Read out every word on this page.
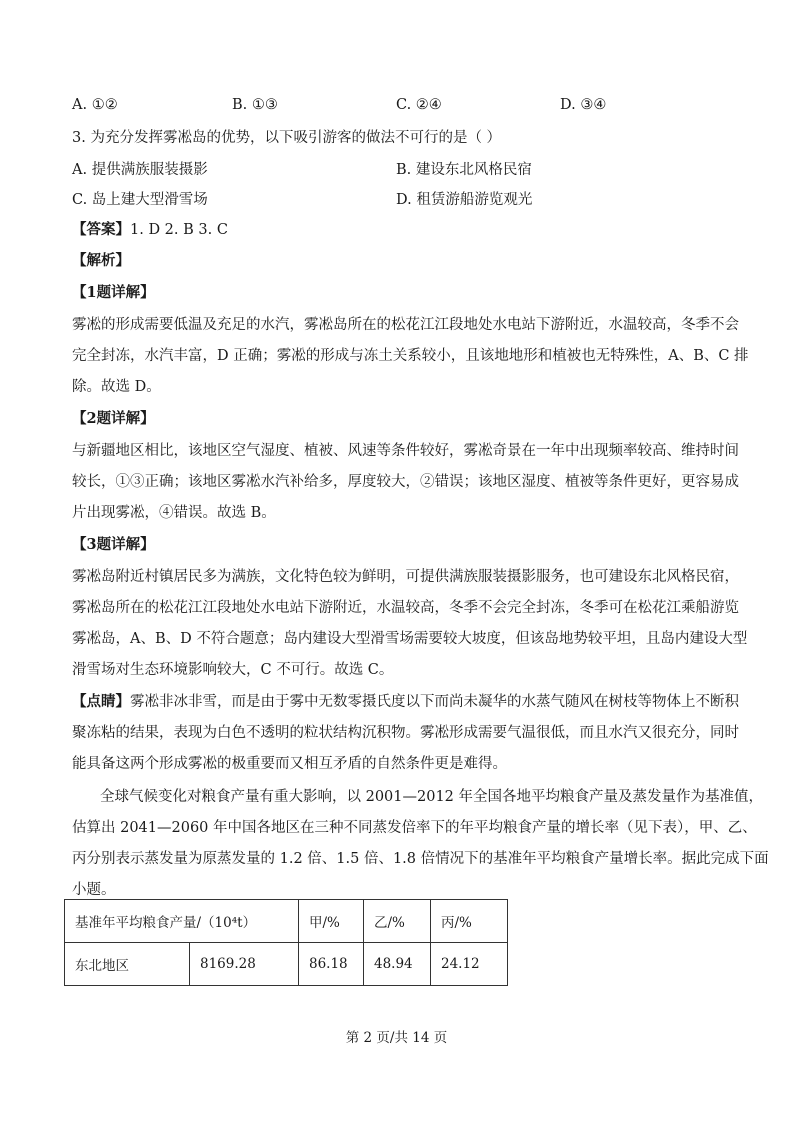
A. ①②	B. ①③	C. ②④	D. ③④
3. 为充分发挥雾凇岛的优势，以下吸引游客的做法不可行的是（ ）
A. 提供满族服装摄影	B. 建设东北风格民宿
C. 岛上建大型滑雪场	D. 租赁游船游览观光
【答案】1. D 2. B 3. C
【解析】
【1题详解】
雾凇的形成需要低温及充足的水汽，雾凇岛所在的松花江江段地处水电站下游附近，水温较高，冬季不会
完全封冻，水汽丰富，D 正确；雾凇的形成与冻土关系较小，且该地地形和植被也无特殊性，A、B、C 排
除。故选 D。
【2题详解】
与新疆地区相比，该地区空气湿度、植被、风速等条件较好，雾凇奇景在一年中出现频率较高、维持时间
较长，①③正确；该地区雾凇水汽补给多，厚度较大，②错误；该地区湿度、植被等条件更好，更容易成
片出现雾凇，④错误。故选 B。
【3题详解】
雾凇岛附近村镇居民多为满族，文化特色较为鲜明，可提供满族服装摄影服务，也可建设东北风格民宿，
雾凇岛所在的松花江江段地处水电站下游附近，水温较高，冬季不会完全封冻，冬季可在松花江乘船游览
雾凇岛，A、B、D 不符合题意；岛内建设大型滑雪场需要较大坡度，但该岛地势较平坦，且岛内建设大型
滑雪场对生态环境影响较大，C 不可行。故选 C。
【点睛】雾凇非冰非雪，而是由于雾中无数零摄氏度以下而尚未凝华的水蒸气随风在树枝等物体上不断积
聚冻粘的结果，表现为白色不透明的粒状结构沉积物。雾凇形成需要气温很低，而且水汽又很充分，同时
能具备这两个形成雾凇的极重要而又相互矛盾的自然条件更是难得。
全球气候变化对粮食产量有重大影响，以 2001—2012 年全国各地平均粮食产量及蒸发量作为基准值，
估算出 2041—2060 年中国各地区在三种不同蒸发倍率下的年平均粮食产量的增长率（见下表），甲、乙、
丙分别表示蒸发量为原蒸发量的 1.2 倍、1.5 倍、1.8 倍情况下的基准年平均粮食产量增长率。据此完成下面
小题。
基准年平均粮食产量/（10⁴t）		甲/%	乙/%	丙/%
东北地区	8169.28	86.18	48.94	24.12
第 2 页/共 14 页
